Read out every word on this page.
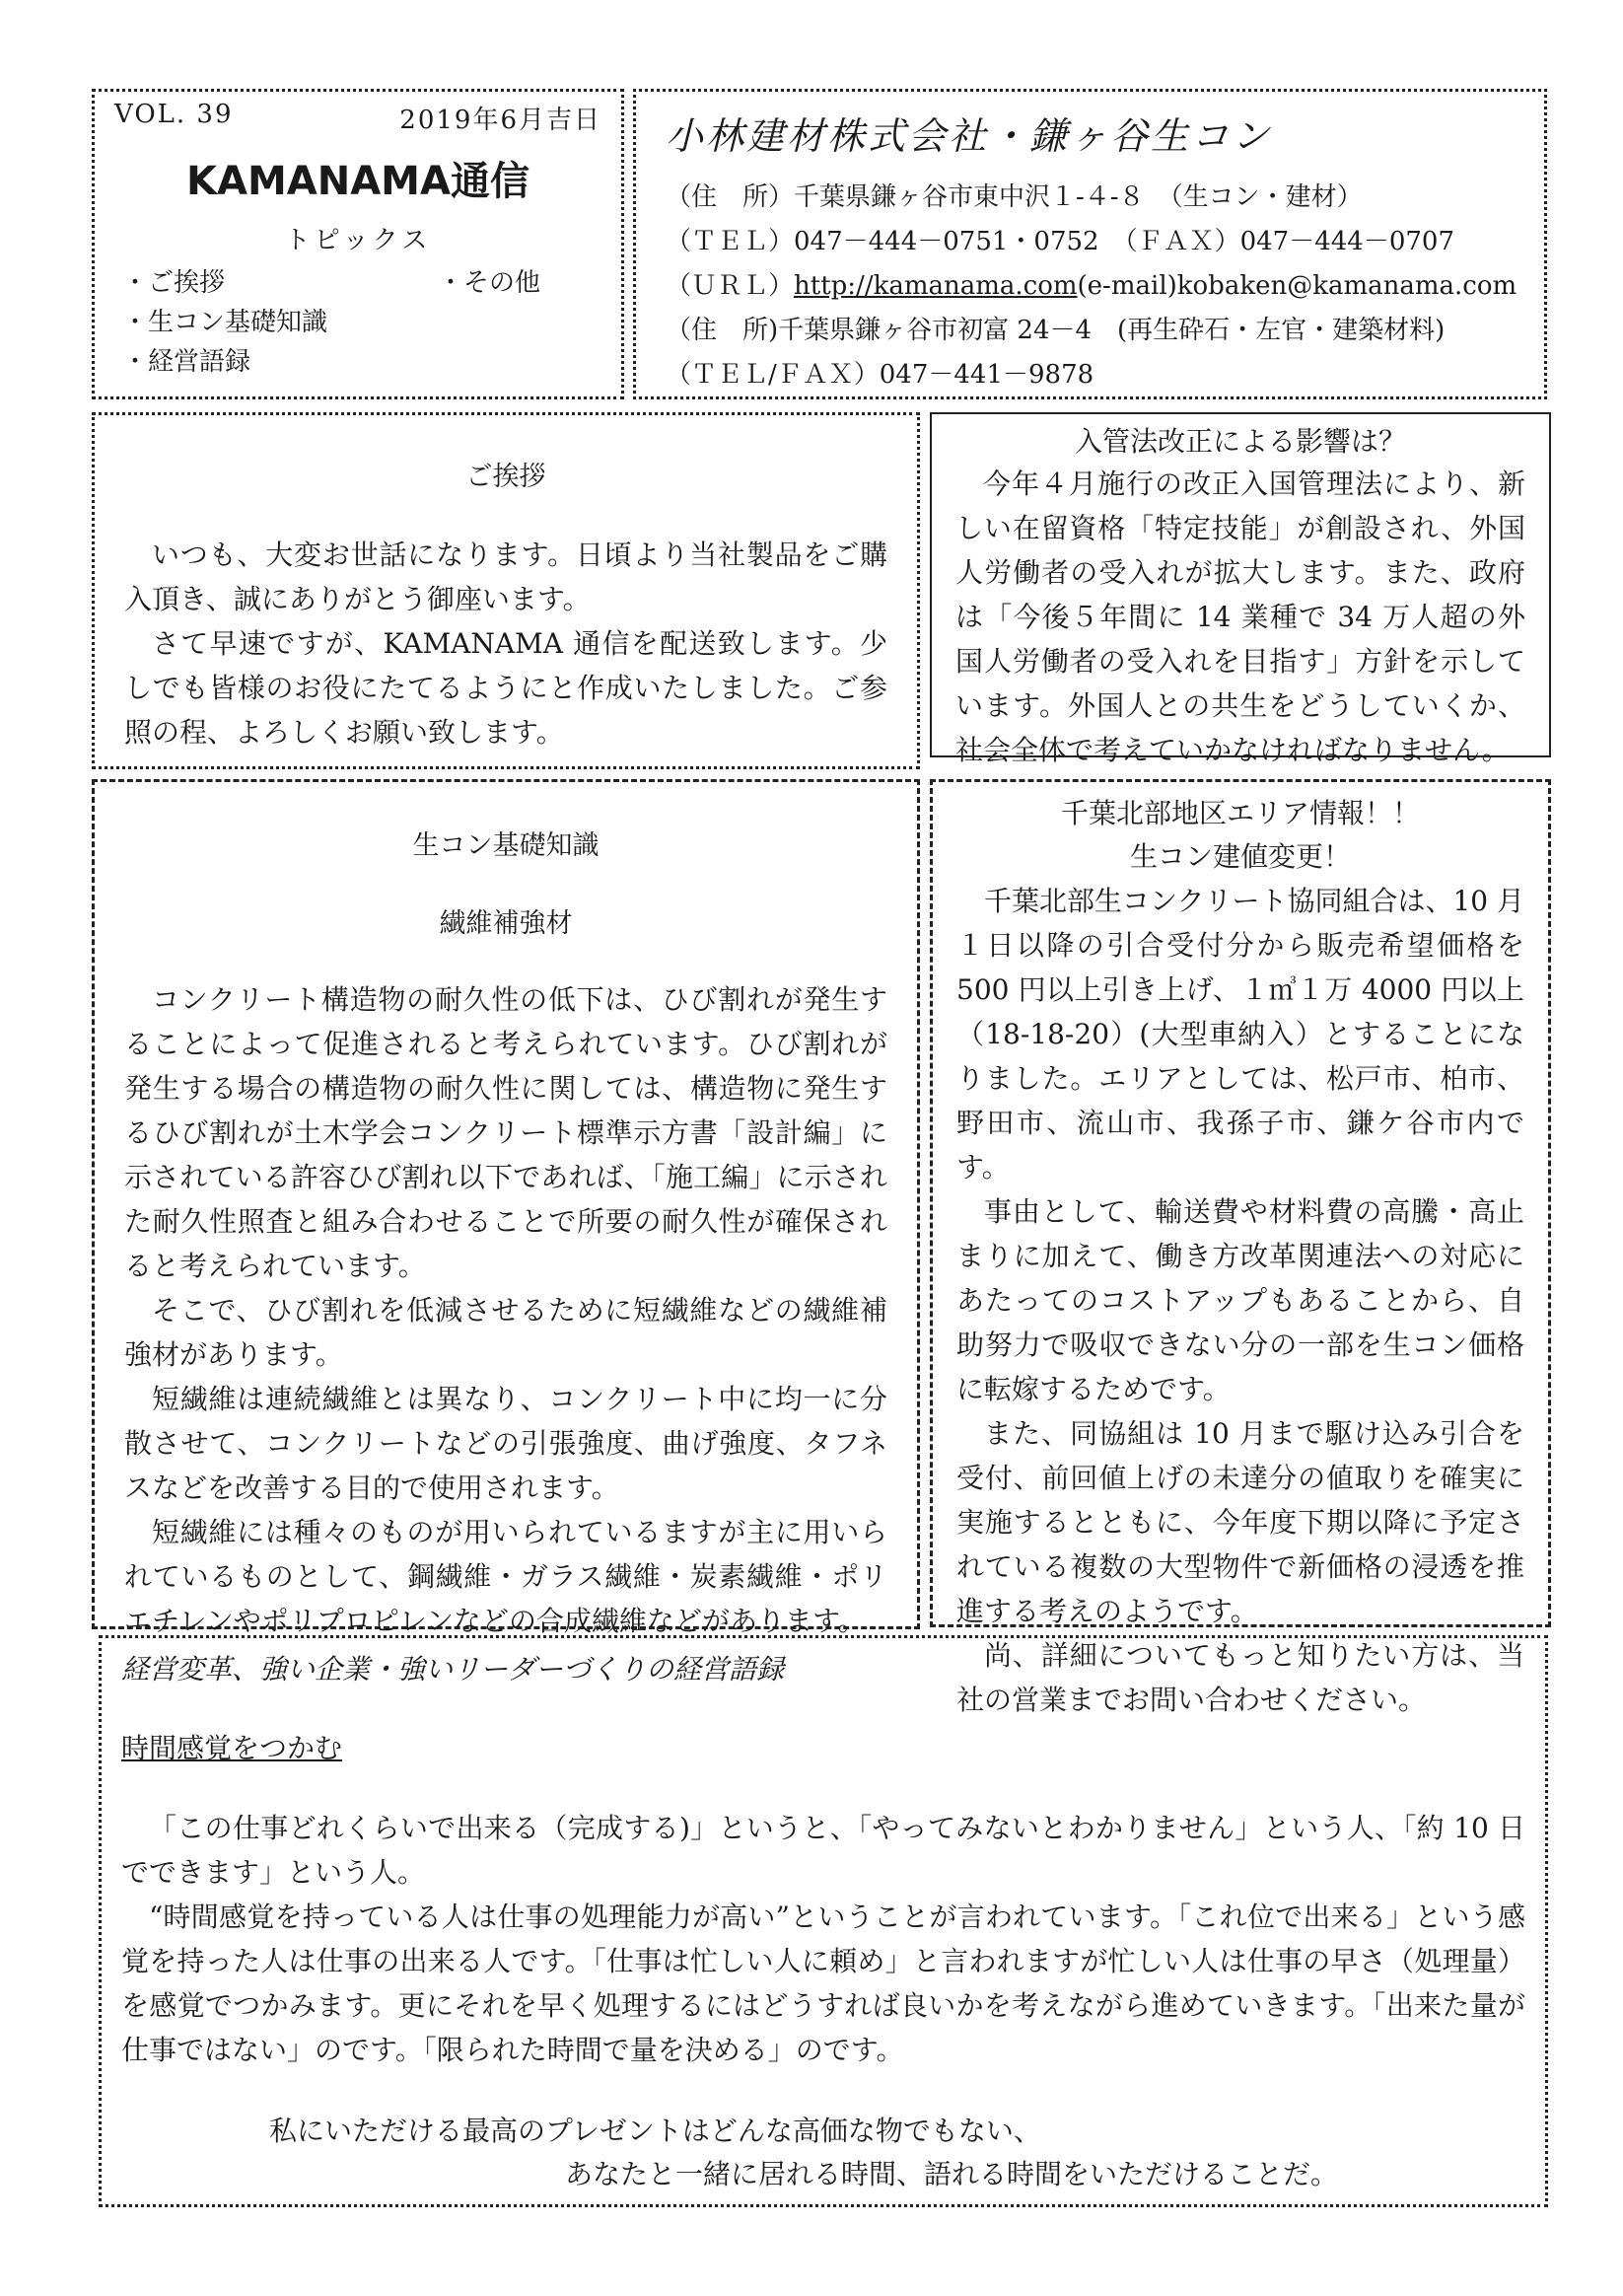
VOL. 39	2019年6月吉日
KAMANAMA通信
トピックス
・ご挨拶	・その他
・生コン基礎知識
・経営語録
小林建材株式会社・鎌ヶ谷生コン
（住　所）千葉県鎌ヶ谷市東中沢１-４-８　（生コン・建材）
（ＴＥＬ）047－444－0751・0752　（ＦＡＸ）047－444－0707
（ＵＲＬ）http://kamanama.com(e-mail)kobaken@kamanama.com
（住　所)千葉県鎌ヶ谷市初富 24－4　(再生砕石・左官・建築材料)
（ＴＥＬ/ＦＡＸ）047－441－9878
ご挨拶

いつも、大変お世話になります。日頃より当社製品をご購入頂き、誠にありがとう御座います。

さて早速ですが、KAMANAMA 通信を配送致します。少しでも皆様のお役にたてるようにと作成いたしました。ご参照の程、よろしくお願い致します。

入管法改正による影響は？

今年４月施行の改正入国管理法により、新しい在留資格「特定技能」が創設され、外国人労働者の受入れが拡大します。また、政府は「今後５年間に 14 業種で 34 万人超の外国人労働者の受入れを目指す」方針を示しています。外国人との共生をどうしていくか、社会全体で考えていかなければなりません。

生コン基礎知識
繊維補強材

コンクリート構造物の耐久性の低下は、ひび割れが発生することによって促進されると考えられています。ひび割れが発生する場合の構造物の耐久性に関しては、構造物に発生するひび割れが土木学会コンクリート標準示方書「設計編」に示されている許容ひび割れ以下であれば、「施工編」に示された耐久性照査と組み合わせることで所要の耐久性が確保されると考えられています。

そこで、ひび割れを低減させるために短繊維などの繊維補強材があります。

短繊維は連続繊維とは異なり、コンクリート中に均一に分散させて、コンクリートなどの引張強度、曲げ強度、タフネスなどを改善する目的で使用されます。

短繊維には種々のものが用いられているますが主に用いられているものとして、鋼繊維・ガラス繊維・炭素繊維・ポリエチレンやポリプロピレンなどの合成繊維などがあります。

千葉北部地区エリア情報！！
生コン建値変更！

千葉北部生コンクリート協同組合は、10 月１日以降の引合受付分から販売希望価格を 500 円以上引き上げ、１㎥１万 4000 円以上（18-18-20）(大型車納入）とすることになりました。エリアとしては、松戸市、柏市、野田市、流山市、我孫子市、鎌ケ谷市内です。

事由として、輸送費や材料費の高騰・高止まりに加えて、働き方改革関連法への対応にあたってのコストアップもあることから、自助努力で吸収できない分の一部を生コン価格に転嫁するためです。

また、同協組は 10 月まで駆け込み引合を受付、前回値上げの未達分の値取りを確実に実施するとともに、今年度下期以降に予定されている複数の大型物件で新価格の浸透を推進する考えのようです。

尚、詳細についてもっと知りたい方は、当社の営業までお問い合わせください。

経営変革、強い企業・強いリーダーづくりの経営語録
時間感覚をつかむ

「この仕事どれくらいで出来る（完成する)」というと、「やってみないとわかりません」という人、「約 10 日でできます」という人。

“時間感覚を持っている人は仕事の処理能力が高い”ということが言われています。「これ位で出来る」という感覚を持った人は仕事の出来る人です。「仕事は忙しい人に頼め」と言われますが忙しい人は仕事の早さ（処理量）を感覚でつかみます。更にそれを早く処理するにはどうすれば良いかを考えながら進めていきます。「出来た量が仕事ではない」のです。「限られた時間で量を決める」のです。

私にいただける最高のプレゼントはどんな高価な物でもない、

あなたと一緒に居れる時間、語れる時間をいただけることだ。
